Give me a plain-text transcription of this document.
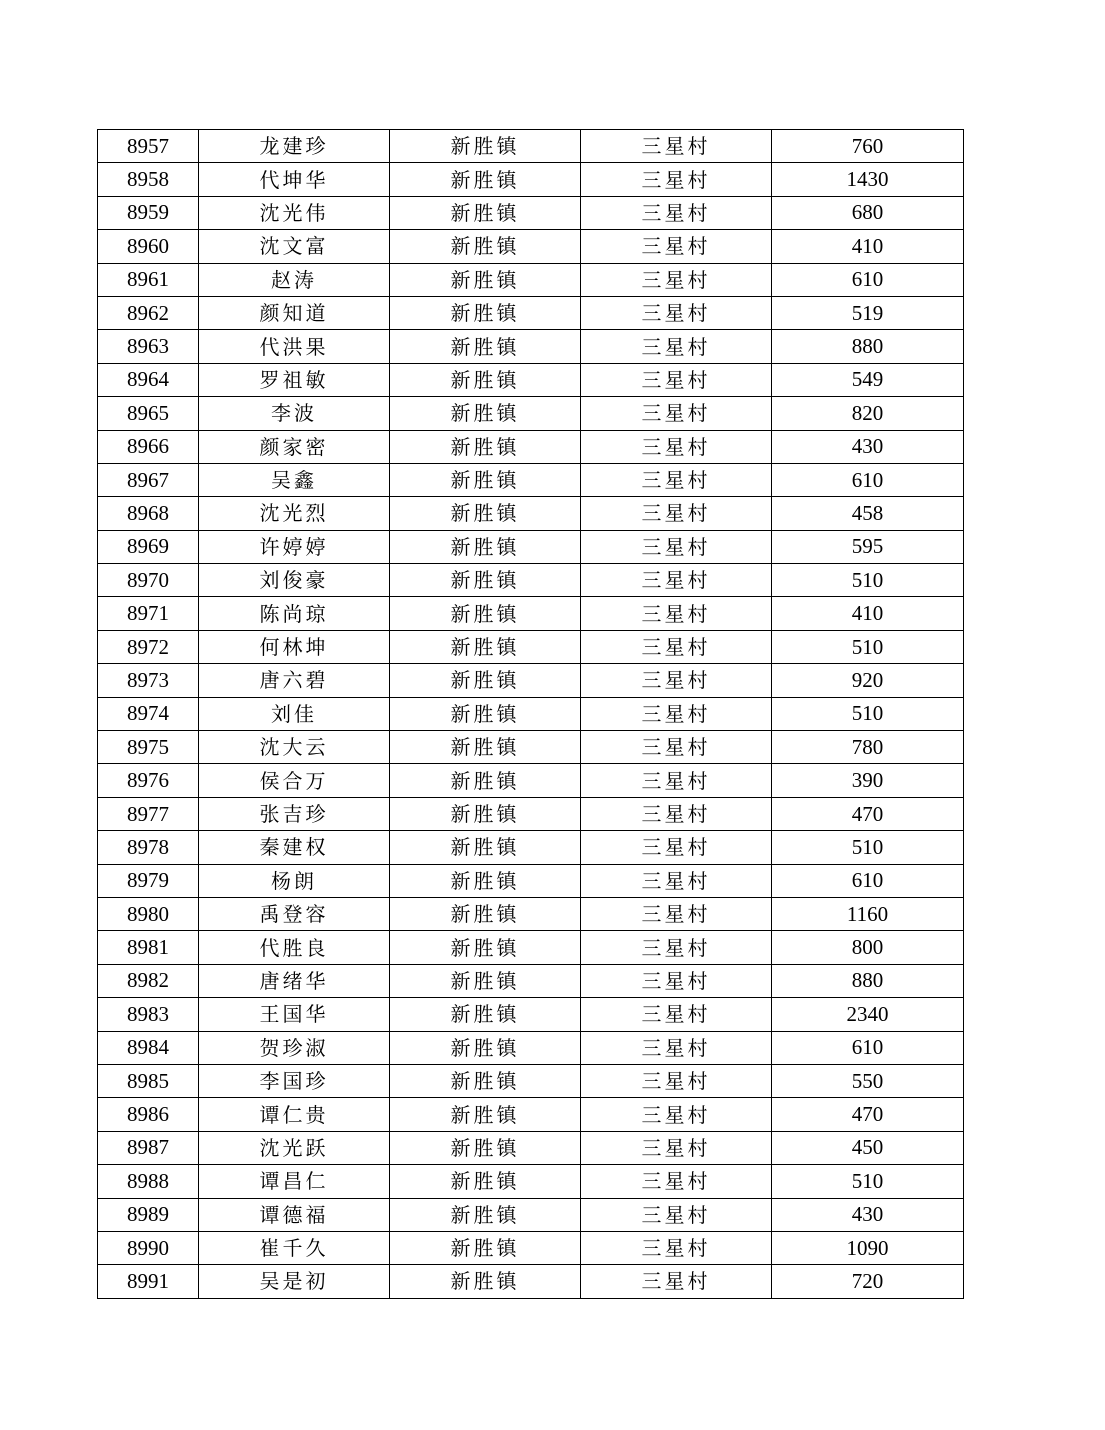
8957	龙建珍	新胜镇	三星村	760
8958	代坤华	新胜镇	三星村	1430
8959	沈光伟	新胜镇	三星村	680
8960	沈文富	新胜镇	三星村	410
8961	赵涛	新胜镇	三星村	610
8962	颜知道	新胜镇	三星村	519
8963	代洪果	新胜镇	三星村	880
8964	罗祖敏	新胜镇	三星村	549
8965	李波	新胜镇	三星村	820
8966	颜家密	新胜镇	三星村	430
8967	吴鑫	新胜镇	三星村	610
8968	沈光烈	新胜镇	三星村	458
8969	许婷婷	新胜镇	三星村	595
8970	刘俊豪	新胜镇	三星村	510
8971	陈尚琼	新胜镇	三星村	410
8972	何林坤	新胜镇	三星村	510
8973	唐六碧	新胜镇	三星村	920
8974	刘佳	新胜镇	三星村	510
8975	沈大云	新胜镇	三星村	780
8976	侯合万	新胜镇	三星村	390
8977	张吉珍	新胜镇	三星村	470
8978	秦建权	新胜镇	三星村	510
8979	杨朗	新胜镇	三星村	610
8980	禹登容	新胜镇	三星村	1160
8981	代胜良	新胜镇	三星村	800
8982	唐绪华	新胜镇	三星村	880
8983	王国华	新胜镇	三星村	2340
8984	贺珍淑	新胜镇	三星村	610
8985	李国珍	新胜镇	三星村	550
8986	谭仁贵	新胜镇	三星村	470
8987	沈光跃	新胜镇	三星村	450
8988	谭昌仁	新胜镇	三星村	510
8989	谭德福	新胜镇	三星村	430
8990	崔千久	新胜镇	三星村	1090
8991	吴是初	新胜镇	三星村	720
